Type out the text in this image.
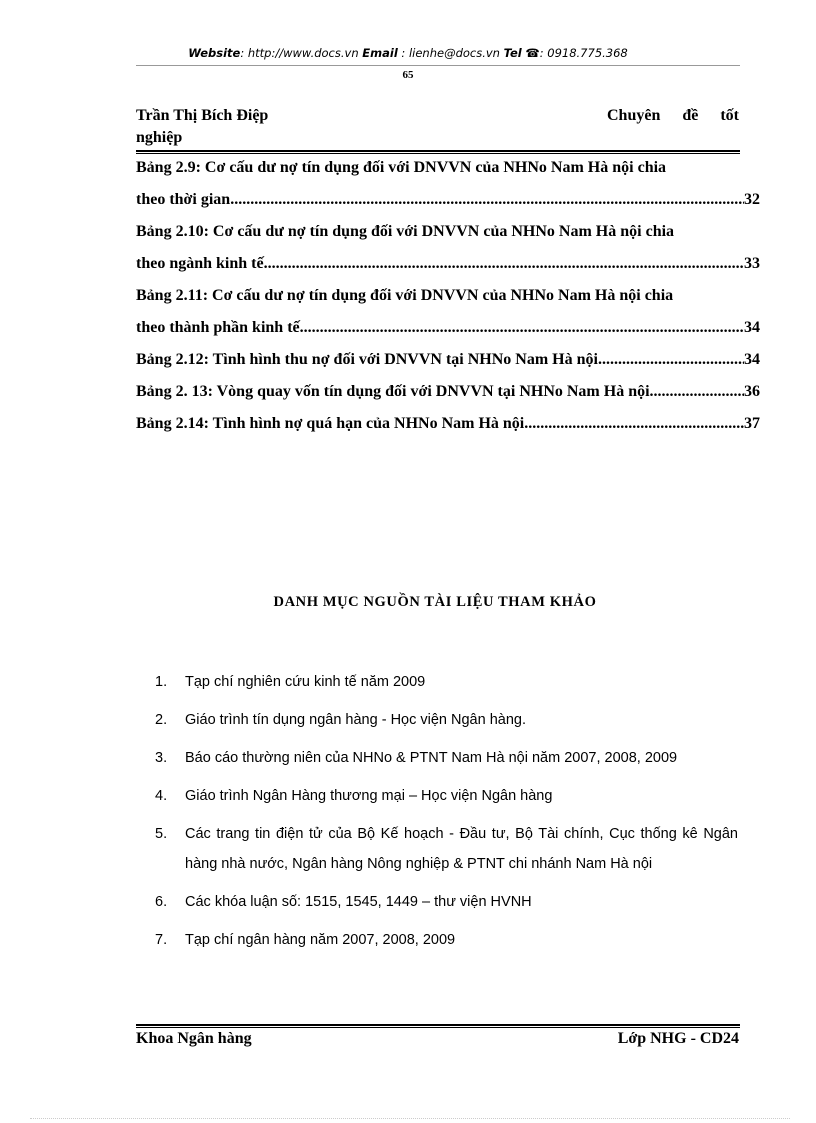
Website: http://www.docs.vn Email : lienhe@docs.vn Tel ☎: 0918.775.368
65
Trần Thị Bích Điệp
nghiệp
Chuyên đề tốt
Bảng 2.9: Cơ cấu dư nợ tín dụng đối với DNVVN của NHNo Nam Hà nội chia
theo thời gian .....	32
Bảng 2.10: Cơ cấu dư nợ tín dụng đối với DNVVN của NHNo Nam Hà nội chia
theo ngành kinh tế .....	33
Bảng 2.11: Cơ cấu dư nợ tín dụng đối với DNVVN của NHNo Nam Hà nội chia
theo thành phần kinh tế .....	34
Bảng 2.12: Tình hình thu nợ đối với DNVVN tại NHNo Nam Hà nội .....	34
Bảng 2. 13: Vòng quay vốn tín dụng đối với DNVVN tại NHNo Nam Hà nội .....	36
Bảng 2.14: Tình hình nợ quá hạn của NHNo Nam Hà nội .....	37
DANH MỤC NGUỒN TÀI LIỆU THAM KHẢO
1.	Tạp chí nghiên cứu kinh tế năm 2009
2.	Giáo trình tín dụng ngân hàng - Học viện Ngân hàng.
3.	Báo cáo thường niên của NHNo & PTNT Nam Hà nội năm 2007, 2008, 2009
4.	Giáo trình Ngân Hàng thương mại – Học viện Ngân hàng
5.	Các trang tin điện tử của Bộ Kế hoạch - Đầu tư, Bộ Tài chính, Cục thống kê Ngân hàng nhà nước, Ngân hàng Nông nghiệp & PTNT chi nhánh Nam Hà nội
6.	Các khóa luận số: 1515, 1545, 1449 – thư viện HVNH
7.	Tạp chí ngân hàng năm 2007, 2008, 2009
Khoa Ngân hàng	Lớp NHG - CD24
